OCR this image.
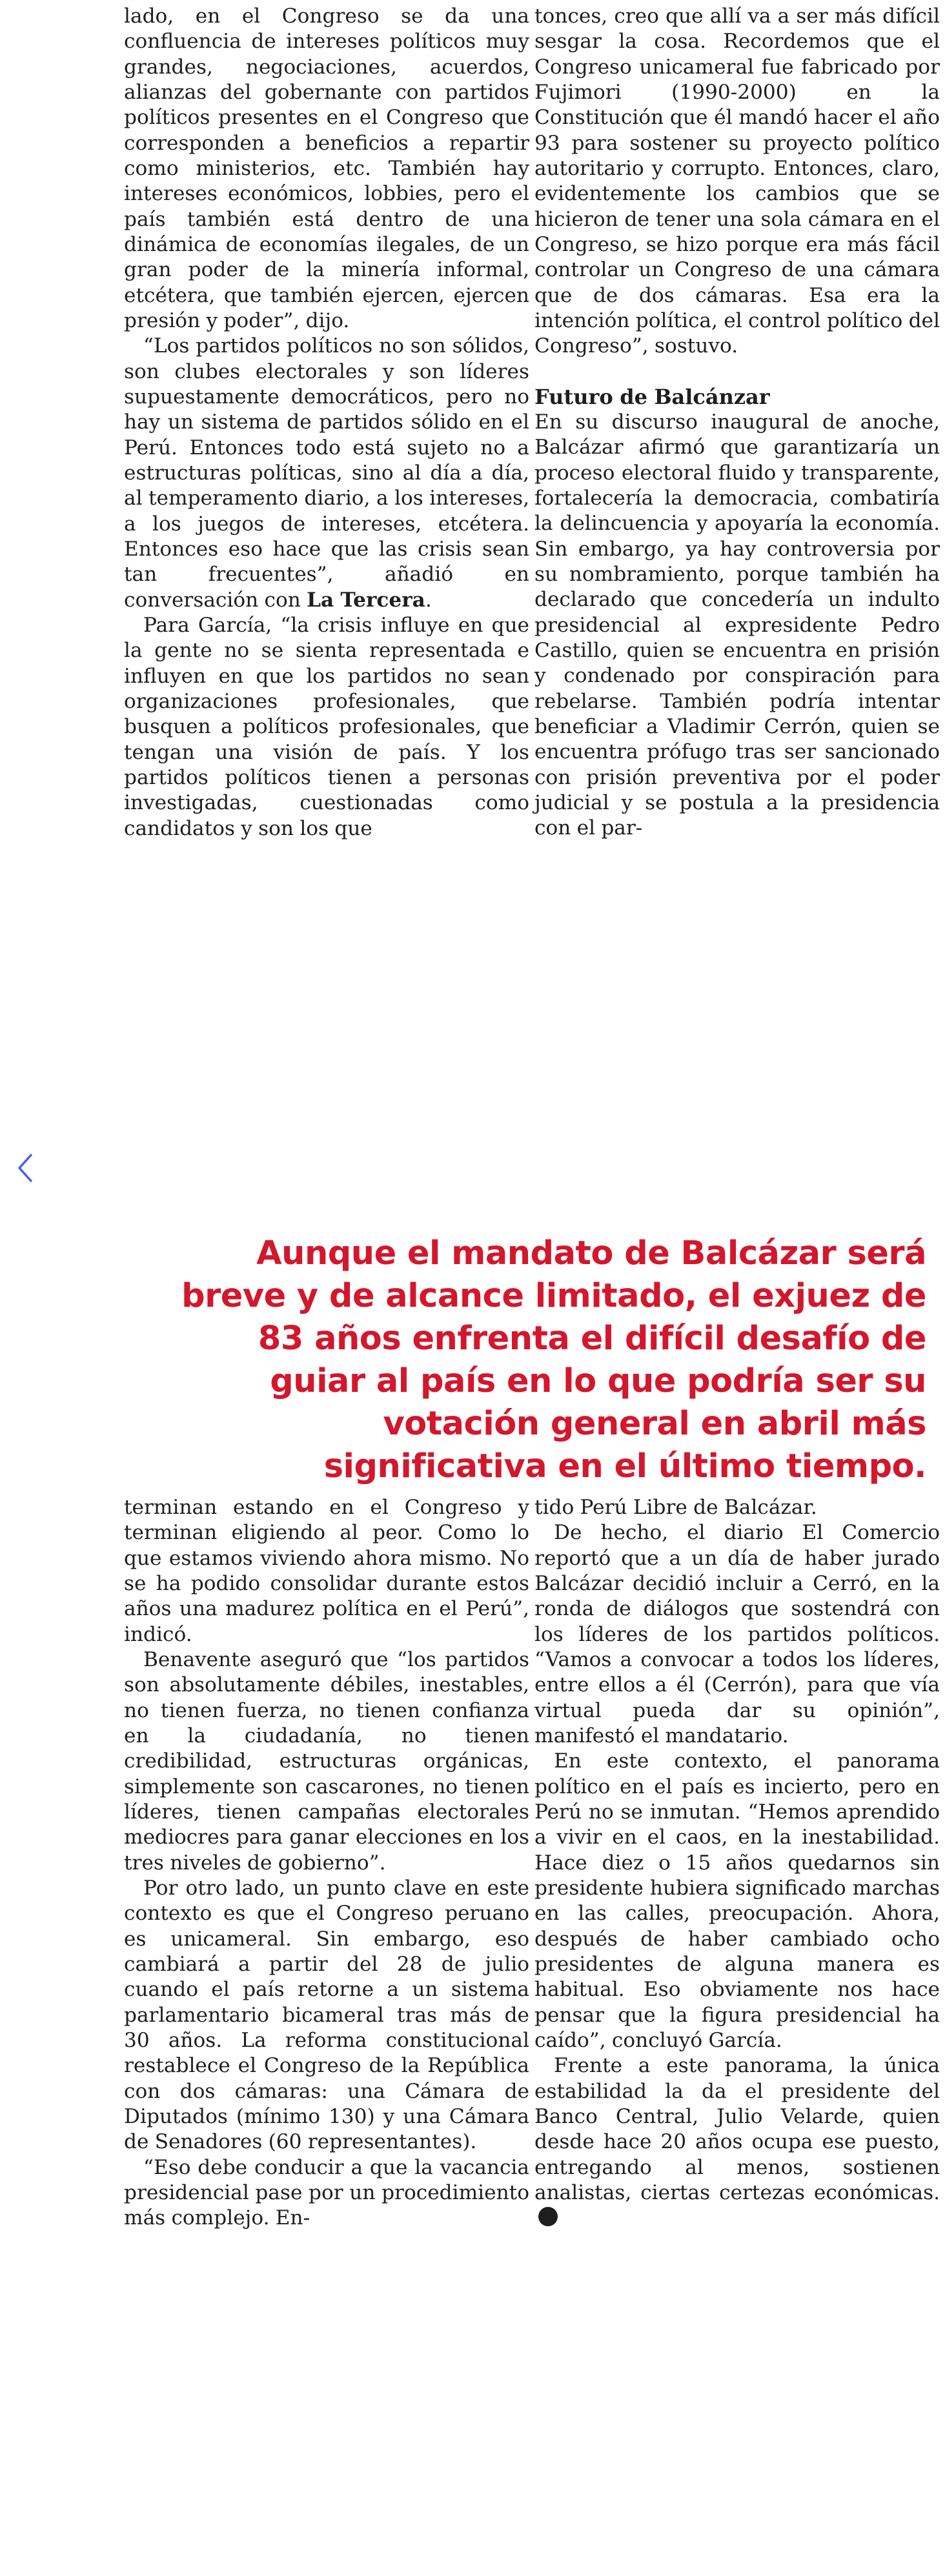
lado, en el Congreso se da una confluencia de intereses políticos muy grandes, negociaciones, acuerdos, alianzas del gobernante con partidos políticos presentes en el Congreso que corresponden a beneficios a repartir como ministerios, etc. También hay intereses económicos, lobbies, pero el país también está dentro de una dinámica de economías ilegales, de un gran poder de la minería informal, etcétera, que también ejercen, ejercen presión y poder”, dijo.

“Los partidos políticos no son sólidos, son clubes electorales y son líderes supuestamente democráticos, pero no hay un sistema de partidos sólido en el Perú. Entonces todo está sujeto no a estructuras políticas, sino al día a día, al temperamento diario, a los intereses, a los juegos de intereses, etcétera. Entonces eso hace que las crisis sean tan frecuentes”, añadió en conversación con La Tercera.

Para García, “la crisis influye en que la gente no se sienta representada e influyen en que los partidos no sean organizaciones profesionales, que busquen a políticos profesionales, que tengan una visión de país. Y los partidos políticos tienen a personas investigadas, cuestionadas como candidatos y son los que

tonces, creo que allí va a ser más difícil sesgar la cosa. Recordemos que el Congreso unicameral fue fabricado por Fujimori (1990-2000) en la Constitución que él mandó hacer el año 93 para sostener su proyecto político autoritario y corrupto. Entonces, claro, evidentemente los cambios que se hicieron de tener una sola cámara en el Congreso, se hizo porque era más fácil controlar un Congreso de una cámara que de dos cámaras. Esa era la intención política, el control político del Congreso”, sostuvo.

Futuro de Balcánzar

En su discurso inaugural de anoche, Balcázar afirmó que garantizaría un proceso electoral fluido y transparente, fortalecería la democracia, combatiría la delincuencia y apoyaría la economía. Sin embargo, ya hay controversia por su nombramiento, porque también ha declarado que concedería un indulto presidencial al expresidente Pedro Castillo, quien se encuentra en prisión y condenado por conspiración para rebelarse. También podría intentar beneficiar a Vladimir Cerrón, quien se encuentra prófugo tras ser sancionado con prisión preventiva por el poder judicial y se postula a la presidencia con el par-

Aunque el mandato de Balcázar será breve y de alcance limitado, el exjuez de 83 años enfrenta el difícil desafío de guiar al país en lo que podría ser su votación general en abril más significativa en el último tiempo.

terminan estando en el Congreso y terminan eligiendo al peor. Como lo que estamos viviendo ahora mismo. No se ha podido consolidar durante estos años una madurez política en el Perú”, indicó.

Benavente aseguró que “los partidos son absolutamente débiles, inestables, no tienen fuerza, no tienen confianza en la ciudadanía, no tienen credibilidad, estructuras orgánicas, simplemente son cascarones, no tienen líderes, tienen campañas electorales mediocres para ganar elecciones en los tres niveles de gobierno”.

Por otro lado, un punto clave en este contexto es que el Congreso peruano es unicameral. Sin embargo, eso cambiará a partir del 28 de julio cuando el país retorne a un sistema parlamentario bicameral tras más de 30 años. La reforma constitucional restablece el Congreso de la República con dos cámaras: una Cámara de Diputados (mínimo 130) y una Cámara de Senadores (60 representantes).

“Eso debe conducir a que la vacancia presidencial pase por un procedimiento más complejo. En-

tido Perú Libre de Balcázar.

De hecho, el diario El Comercio reportó que a un día de haber jurado Balcázar decidió incluir a Cerró, en la ronda de diálogos que sostendrá con los líderes de los partidos políticos. “Vamos a convocar a todos los líderes, entre ellos a él (Cerrón), para que vía virtual pueda dar su opinión”, manifestó el mandatario.

En este contexto, el panorama político en el país es incierto, pero en Perú no se inmutan. “Hemos aprendido a vivir en el caos, en la inestabilidad. Hace diez o 15 años quedarnos sin presidente hubiera significado marchas en las calles, preocupación. Ahora, después de haber cambiado ocho presidentes de alguna manera es habitual. Eso obviamente nos hace pensar que la figura presidencial ha caído”, concluyó García.

Frente a este panorama, la única estabilidad la da el presidente del Banco Central, Julio Velarde, quien desde hace 20 años ocupa ese puesto, entregando al menos, sostienen analistas, ciertas certezas económicas.
